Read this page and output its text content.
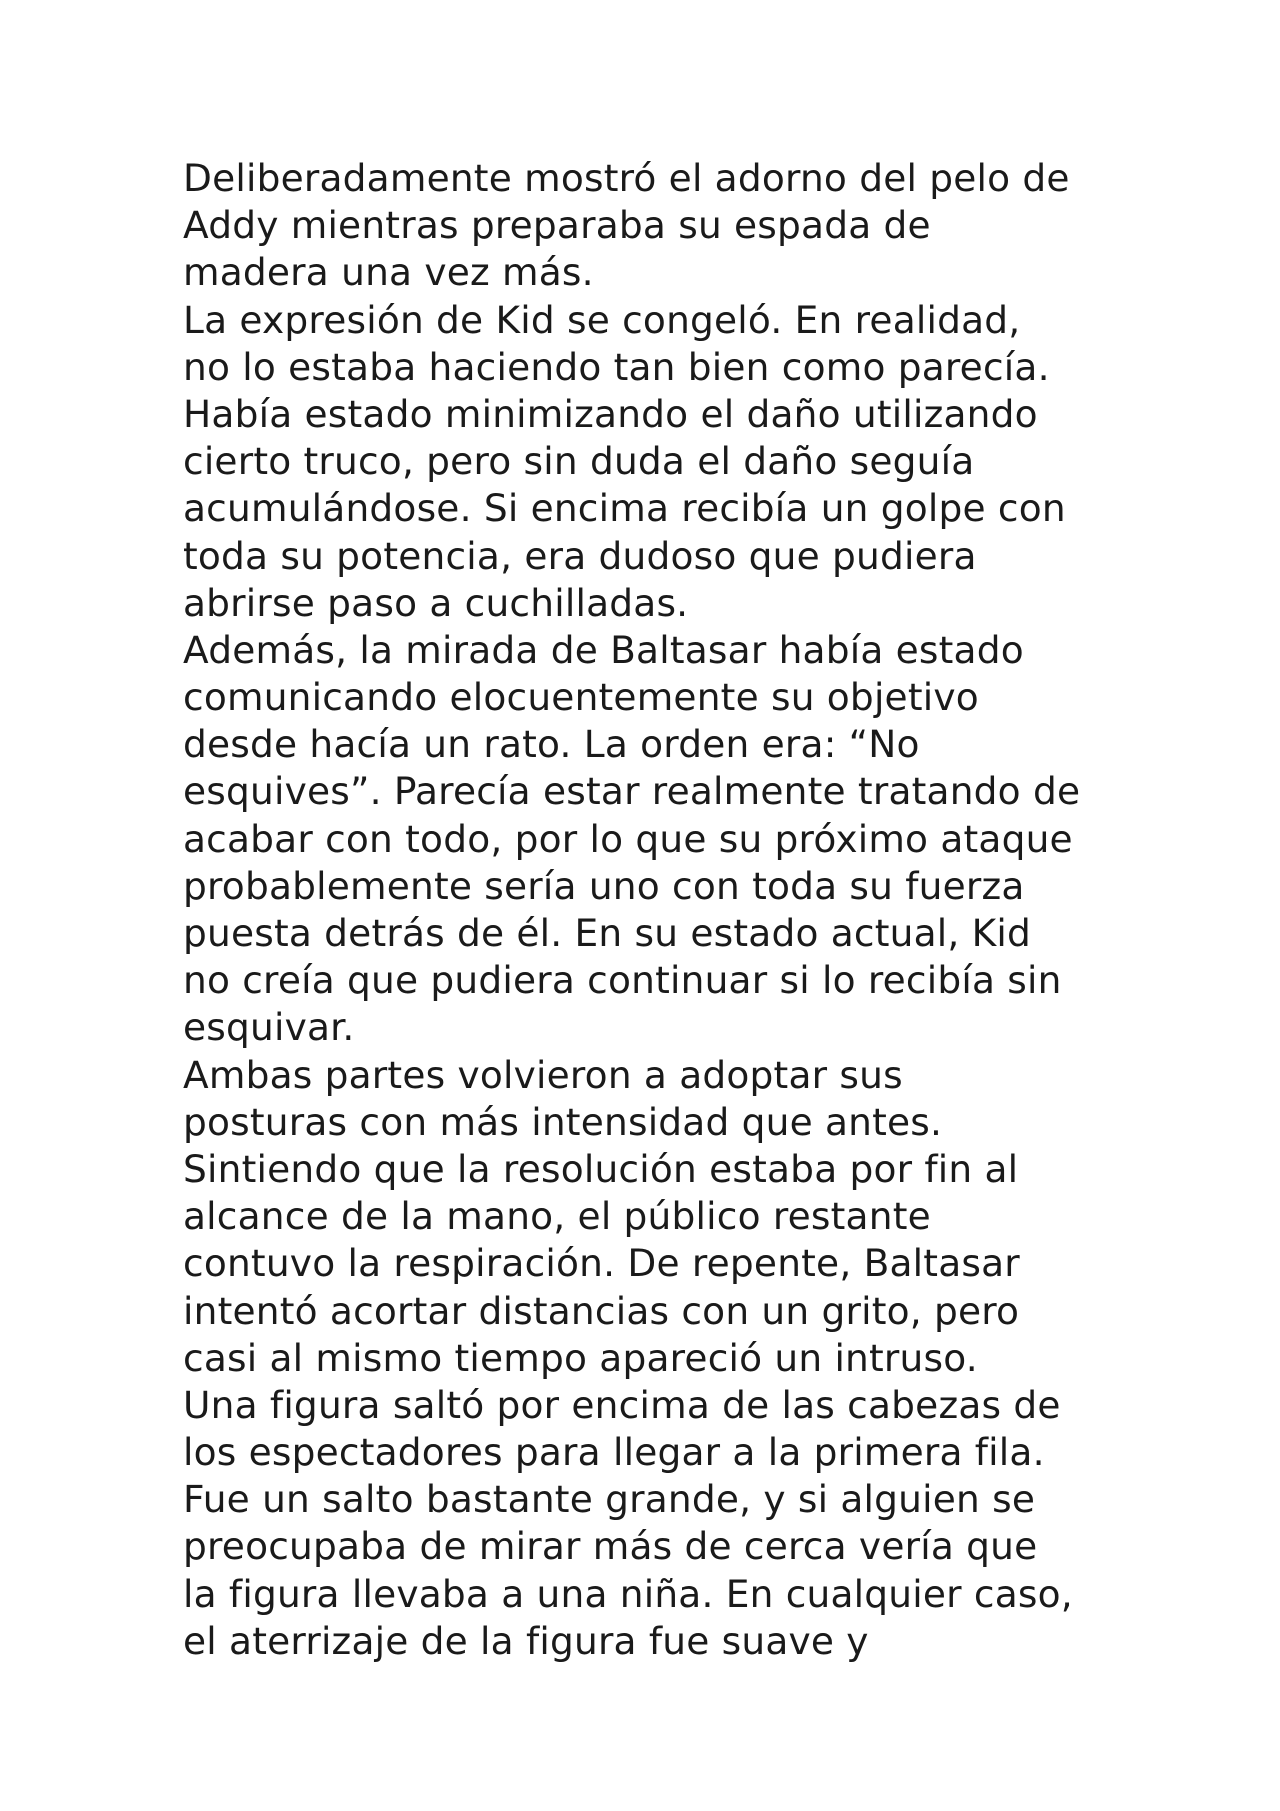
Deliberadamente mostró el adorno del pelo de
Addy mientras preparaba su espada de
madera una vez más.
La expresión de Kid se congeló. En realidad,
no lo estaba haciendo tan bien como parecía.
Había estado minimizando el daño utilizando
cierto truco, pero sin duda el daño seguía
acumulándose. Si encima recibía un golpe con
toda su potencia, era dudoso que pudiera
abrirse paso a cuchilladas.
Además, la mirada de Baltasar había estado
comunicando elocuentemente su objetivo
desde hacía un rato. La orden era: “No
esquives”. Parecía estar realmente tratando de
acabar con todo, por lo que su próximo ataque
probablemente sería uno con toda su fuerza
puesta detrás de él. En su estado actual, Kid
no creía que pudiera continuar si lo recibía sin
esquivar.
Ambas partes volvieron a adoptar sus
posturas con más intensidad que antes.
Sintiendo que la resolución estaba por fin al
alcance de la mano, el público restante
contuvo la respiración. De repente, Baltasar
intentó acortar distancias con un grito, pero
casi al mismo tiempo apareció un intruso.
Una figura saltó por encima de las cabezas de
los espectadores para llegar a la primera fila.
Fue un salto bastante grande, y si alguien se
preocupaba de mirar más de cerca vería que
la figura llevaba a una niña. En cualquier caso,
el aterrizaje de la figura fue suave y
